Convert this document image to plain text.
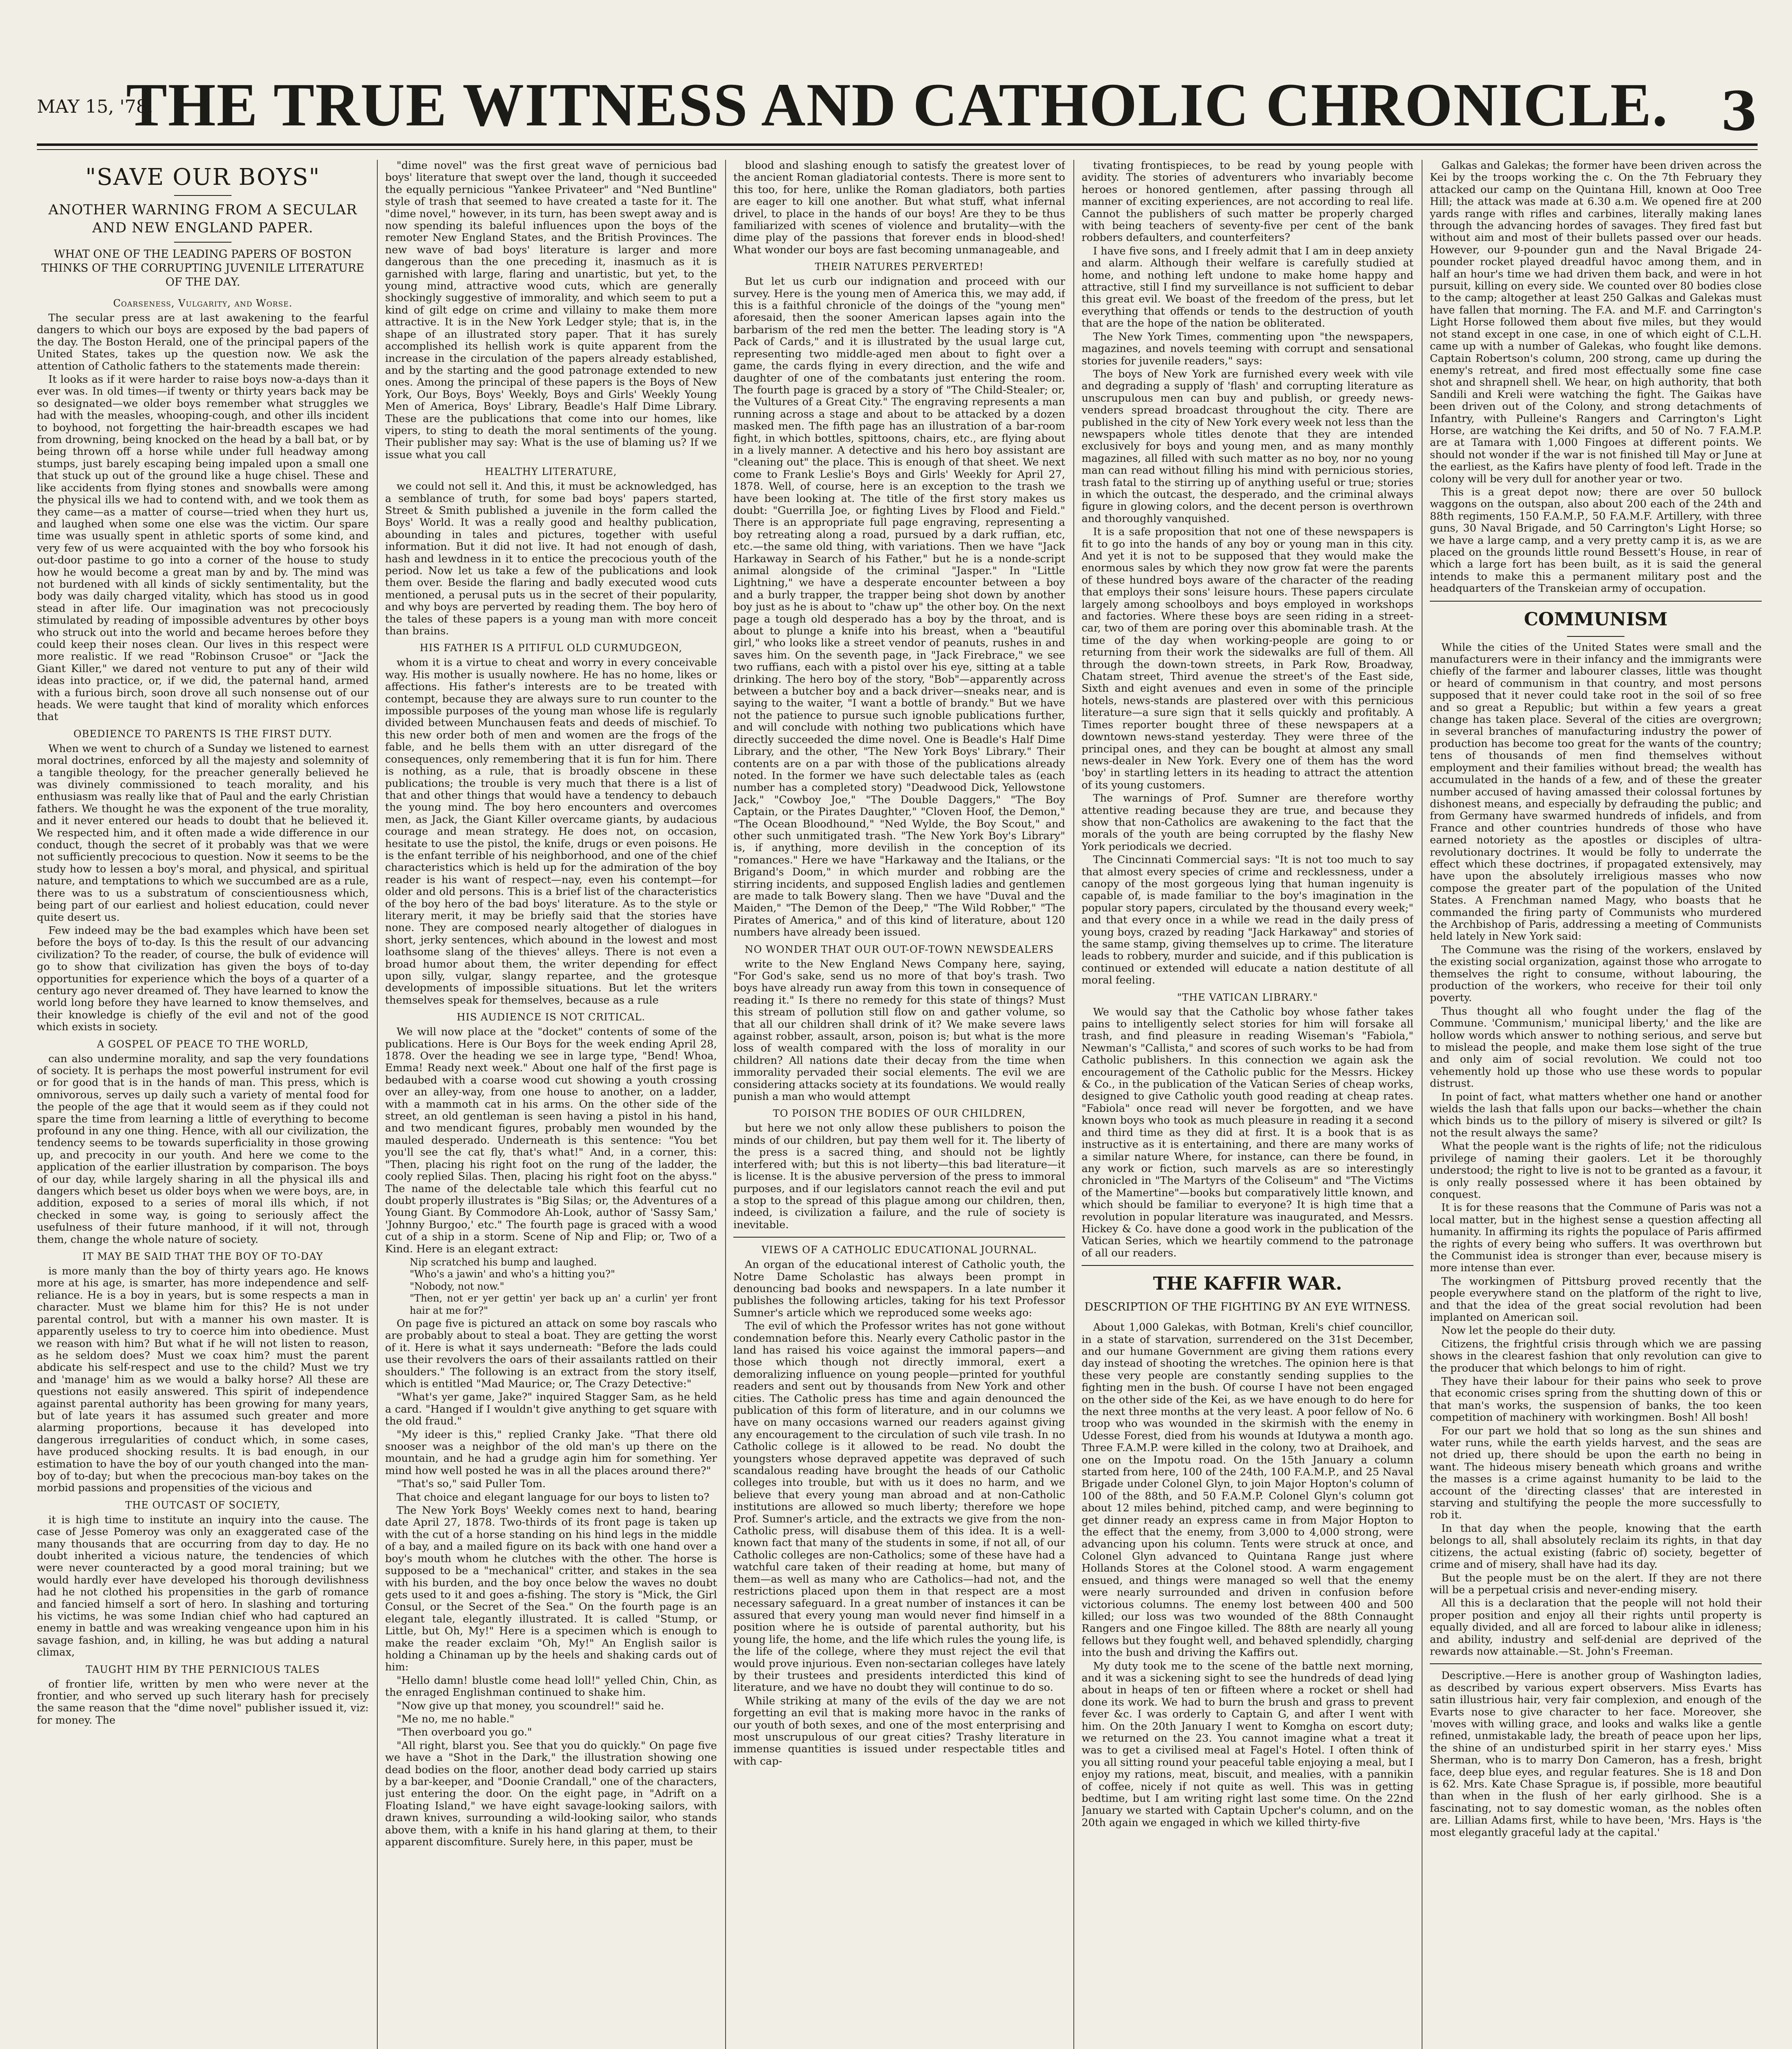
MAY 15, '78.
THE TRUE WITNESS AND CATHOLIC CHRONICLE. 3
"SAVE OUR BOYS"
ANOTHER WARNING FROM A SECULAR AND NEW ENGLAND PAPER.
WHAT ONE OF THE LEADING PAPERS OF BOSTON THINKS OF THE CORRUPTING JUVENILE LITERATURE OF THE DAY.
Coarseness, Vulgarity, and Worse.

The secular press are at last awakening to the fearful dangers to which our boys are exposed by the bad papers of the day. The Boston Herald, one of the principal papers of the United States, takes up the question now. We ask the attention of Catholic fathers to the statements made therein:

It looks as if it were harder to raise boys now-a-days than it ever was. In old times—if twenty or thirty years back may be so designated—we older boys remember what struggles we had with the measles, whooping-cough, and other ills incident to boyhood, not forgetting the hair-breadth escapes we had from drowning, being knocked on the head by a ball bat, or by being thrown off a horse while under full headway among stumps, just barely escaping being impaled upon a small one that stuck up out of the ground like a huge chisel. These and like accidents from flying stones and snowballs were among the physical ills we had to contend with, and we took them as they came—as a matter of course—tried when they hurt us, and laughed when some one else was the victim. Our spare time was usually spent in athletic sports of some kind, and very few of us were acquainted with the boy who forsook his out-door pastime to go into a corner of the house to study how he would become a great man by and by. The mind was not burdened with all kinds of sickly sentimentality, but the body was daily charged vitality, which has stood us in good stead in after life. Our imagination was not precociously stimulated by reading of impossible adventures by other boys who struck out into the world and became heroes before they could keep their noses clean. Our lives in this respect were more realistic. If we read "Robinson Crusoe" or "Jack the Giant Killer," we dared not venture to put any of their wild ideas into practice, or, if we did, the paternal hand, armed with a furious birch, soon drove all such nonsense out of our heads. We were taught that kind of morality which enforces that

OBEDIENCE TO PARENTS IS THE FIRST DUTY.

When we went to church of a Sunday we listened to earnest moral doctrines, enforced by all the majesty and solemnity of a tangible theology, for the preacher generally believed he was divinely commissioned to teach morality, and his enthusiasm was really like that of Paul and the early Christian fathers. We thought he was the exponent of the true morality, and it never entered our heads to doubt that he believed it. We respected him, and it often made a wide difference in our conduct, though the secret of it probably was that we were not sufficiently precocious to question. Now it seems to be the study how to lessen a boy's moral, and physical, and spiritual nature, and temptations to which we succumbed are as a rule, there was to us a substratum of conscientiousness which, being part of our earliest and holiest education, could never quite desert us.

Few indeed may be the bad examples which have been set before the boys of to-day. Is this the result of our advancing civilization? To the reader, of course, the bulk of evidence will go to show that civilization has given the boys of to-day opportunities for experience which the boys of a quarter of a century ago never dreamed of. They have learned to know the world long before they have learned to know themselves, and their knowledge is chiefly of the evil and not of the good which exists in society.

A GOSPEL OF PEACE TO THE WORLD,

can also undermine morality, and sap the very foundations of society. It is perhaps the most powerful instrument for evil or for good that is in the hands of man. This press, which is omnivorous, serves up daily such a variety of mental food for the people of the age that it would seem as if they could not spare the time from learning a little of everything to become profound in any one thing. Hence, with all our civilization, the tendency seems to be towards superficiality in those growing up, and precocity in our youth. And here we come to the application of the earlier illustration by comparison. The boys of our day, while largely sharing in all the physical ills and dangers which beset us older boys when we were boys, are, in addition, exposed to a series of moral ills which, if not checked in some way, is going to seriously affect the usefulness of their future manhood, if it will not, through them, change the whole nature of society.

IT MAY BE SAID THAT THE BOY OF TO-DAY

is more manly than the boy of thirty years ago. He knows more at his age, is smarter, has more independence and self-reliance. He is a boy in years, but is some respects a man in character. Must we blame him for this? He is not under parental control, but with a manner his own master. It is apparently useless to try to coerce him into obedience. Must we reason with him? But what if he will not listen to reason, as he seldom does? Must we coax him? must the parent abdicate his self-respect and use to the child? Must we try and 'manage' him as we would a balky horse? All these are questions not easily answered. This spirit of independence against parental authority has been growing for many years, but of late years it has assumed such greater and more alarming proportions, because it has developed into dangerous irregularities of conduct which, in some cases, have produced shocking results. It is bad enough, in our estimation to have the boy of our youth changed into the man-boy of to-day; but when the precocious man-boy takes on the morbid passions and propensities of the vicious and

THE OUTCAST OF SOCIETY,

it is high time to institute an inquiry into the cause. The case of Jesse Pomeroy was only an exaggerated case of the many thousands that are occurring from day to day. He no doubt inherited a vicious nature, the tendencies of which were never counteracted by a good moral training; but we would hardly ever have developed his thorough devilishness had he not clothed his propensities in the garb of romance and fancied himself a sort of hero. In slashing and torturing his victims, he was some Indian chief who had captured an enemy in battle and was wreaking vengeance upon him in his savage fashion, and, in killing, he was but adding a natural climax,

TAUGHT HIM BY THE PERNICIOUS TALES

of frontier life, written by men who were never at the frontier, and who served up such literary hash for precisely the same reason that the "dime novel" publisher issued it, viz: for money. The

"dime novel" was the first great wave of pernicious bad boys' literature that swept over the land, though it succeeded the equally pernicious "Yankee Privateer" and "Ned Buntline" style of trash that seemed to have created a taste for it. The "dime novel," however, in its turn, has been swept away and is now spending its baleful influences upon the boys of the remoter New England States, and the British Provinces. The new wave of bad boys' literature is larger and more dangerous than the one preceding it, inasmuch as it is garnished with large, flaring and unartistic, but yet, to the young mind, attractive wood cuts, which are generally shockingly suggestive of immorality, and which seem to put a kind of gilt edge on crime and villainy to make them more attractive. It is in the New York Ledger style; that is, in the shape of an illustrated story paper. That it has surely accomplished its hellish work is quite apparent from the increase in the circulation of the papers already established, and by the starting and the good patronage extended to new ones. Among the principal of these papers is the Boys of New York, Our Boys, Boys' Weekly, Boys and Girls' Weekly Young Men of America, Boys' Library, Beadle's Half Dime Library. These are the publications that come into our homes, like vipers, to sting to death the moral sentiments of the young. Their publisher may say: What is the use of blaming us? If we issue what you call

HEALTHY LITERATURE,

we could not sell it. And this, it must be acknowledged, has a semblance of truth, for some bad boys' papers started, Street & Smith published a juvenile in the form called the Boys' World. It was a really good and healthy publication, abounding in tales and pictures, together with useful information. But it did not live. It had not enough of dash, hash and lewdness in it to entice the precocious youth of the period. Now let us take a few of the publications and look them over. Beside the flaring and badly executed wood cuts mentioned, a perusal puts us in the secret of their popularity, and why boys are perverted by reading them. The boy hero of the tales of these papers is a young man with more conceit than brains.

HIS FATHER IS A PITIFUL OLD CURMUDGEON,

whom it is a virtue to cheat and worry in every conceivable way. His mother is usually nowhere. He has no home, likes or affections. His father's interests are to be treated with contempt, because they are always sure to run counter to the impossible purposes of the young man whose life is regularly divided between Munchausen feats and deeds of mischief. To this new order both of men and women are the frogs of the fable, and he bells them with an utter disregard of the consequences, only remembering that it is fun for him. There is nothing, as a rule, that is broadly obscene in these publications; the trouble is very much that there is a list of that and other things that would have a tendency to debauch the young mind. The boy hero encounters and overcomes men, as Jack, the Giant Killer overcame giants, by audacious courage and mean strategy. He does not, on occasion, hesitate to use the pistol, the knife, drugs or even poisons. He is the enfant terrible of his neighborhood, and one of the chief characteristics which is held up for the admiration of the boy reader is his want of respect—nay, even his contempt—for older and old persons. This is a brief list of the characteristics of the boy hero of the bad boys' literature. As to the style or literary merit, it may be briefly said that the stories have none. They are composed nearly altogether of dialogues in short, jerky sentences, which abound in the lowest and most loathsome slang of the thieves' alleys. There is not even a broad humor about them, the writer depending for effect upon silly, vulgar, slangy repartee, and the grotesque developments of impossible situations. But let the writers themselves speak for themselves, because as a rule

HIS AUDIENCE IS NOT CRITICAL.

We will now place at the "docket" contents of some of the publications. Here is Our Boys for the week ending April 28, 1878. Over the heading we see in large type, "Bend! Whoa, Emma! Ready next week." About one half of the first page is bedaubed with a coarse wood cut showing a youth crossing over an alley-way, from one house to another, on a ladder, with a mammoth cat in his arms. On the other side of the street, an old gentleman is seen having a pistol in his hand, and two mendicant figures, probably men wounded by the mauled desperado. Underneath is this sentence: "You bet you'll see the cat fly, that's what!" And, in a corner, this: "Then, placing his right foot on the rung of the ladder, the cooly replied Silas. Then, placing his right foot on the abyss." The name of the delectable tale which this fearful cut no doubt properly illustrates is "Big Silas; or, the Adventures of a Young Giant. By Commodore Ah-Look, author of 'Sassy Sam,' 'Johnny Burgoo,' etc." The fourth page is graced with a wood cut of a ship in a storm. Scene of Nip and Flip; or, Two of a Kind. Here is an elegant extract:

Nip scratched his bump and laughed.
"Who's a jawin' and who's a hitting you?"
"Nobody, not now."
"Then, not er yer gettin' yer back up an' a curlin' yer front hair at me for?"

On page five is pictured an attack on some boy rascals who are probably about to steal a boat. They are getting the worst of it. Here is what it says underneath: "Before the lads could use their revolvers the oars of their assailants rattled on their shoulders." The following is an extract from the story itself, which is entitled "Mad Maurice; or, The Crazy Detective:"

"What's yer game, Jake?" inquired Stagger Sam, as he held a card. "Hanged if I wouldn't give anything to get square with the old fraud."

"My ideer is this," replied Cranky Jake. "That there old snooser was a neighbor of the old man's up there on the mountain, and he had a grudge agin him for something. Yer mind how well posted he was in all the places around there?"

"That's so," said Puller Tom.

That choice and elegant language for our boys to listen to?

The New York Boys' Weekly comes next to hand, bearing date April 27, 1878. Two-thirds of its front page is taken up with the cut of a horse standing on his hind legs in the middle of a bay, and a mailed figure on its back with one hand over a boy's mouth whom he clutches with the other. The horse is supposed to be a "mechanical" critter, and stakes in the sea with his burden, and the boy once below the waves no doubt gets used to it and goes a-fishing. The story is "Mick, the Girl Consul, or the Secret of the Sea." On the fourth page is an elegant tale, elegantly illustrated. It is called "Stump, or Little, but Oh, My!" Here is a specimen which is enough to make the reader exclaim "Oh, My!" An English sailor is holding a Chinaman up by the heels and shaking cards out of him:

"Hello damn! blustle come head loll!" yelled Chin, Chin, as the enraged Englishman continued to shake him.

"Now give up that money, you scoundrel!" said he.

"Me no, me no hable."

"Then overboard you go."

"All right, blarst you. See that you do quickly." On page five we have a "Shot in the Dark," the illustration showing one dead bodies on the floor, another dead body carried up stairs by a bar-keeper, and "Doonie Crandall," one of the characters, just entering the door. On the eight page, in "Adrift on a Floating Island," we have eight savage-looking sailors, with drawn knives, surrounding a wild-looking sailor, who stands above them, with a knife in his hand glaring at them, to their apparent discomfiture. Surely here, in this paper, must be

blood and slashing enough to satisfy the greatest lover of the ancient Roman gladiatorial contests. There is more sent to this too, for here, unlike the Roman gladiators, both parties are eager to kill one another. But what stuff, what infernal drivel, to place in the hands of our boys! Are they to be thus familiarized with scenes of violence and brutality—with the dime play of the passions that forever ends in blood-shed! What wonder our boys are fast becoming unmanageable, and

THEIR NATURES PERVERTED!

But let us curb our indignation and proceed with our survey. Here is the young men of America this, we may add, if this is a faithful chronicle of the doings of the "young men" aforesaid, then the sooner American lapses again into the barbarism of the red men the better. The leading story is "A Pack of Cards," and it is illustrated by the usual large cut, representing two middle-aged men about to fight over a game, the cards flying in every direction, and the wife and daughter of one of the combatants just entering the room. The fourth page is graced by a story of "The Child-Stealer; or, the Vultures of a Great City." The engraving represents a man running across a stage and about to be attacked by a dozen masked men. The fifth page has an illustration of a bar-room fight, in which bottles, spittoons, chairs, etc., are flying about in a lively manner. A detective and his hero boy assistant are "cleaning out" the place. This is enough of that sheet. We next come to Frank Leslie's Boys and Girls' Weekly for April 27, 1878. Well, of course, here is an exception to the trash we have been looking at. The title of the first story makes us doubt: "Guerrilla Joe, or fighting Lives by Flood and Field." There is an appropriate full page engraving, representing a boy retreating along a road, pursued by a dark ruffian, etc, etc.—the same old thing, with variations. Then we have "Jack Harkaway in Search of his Father," but he is a nonde-script animal alongside of the criminal "Jasper." In "Little Lightning," we have a desperate encounter between a boy and a burly trapper, the trapper being shot down by another boy just as he is about to "chaw up" the other boy. On the next page a tough old desperado has a boy by the throat, and is about to plunge a knife into his breast, when a "beautiful girl," who looks like a street vendor of peanuts, rushes in and saves him. On the seventh page, in "Jack Firebrace," we see two ruffians, each with a pistol over his eye, sitting at a table drinking. The hero boy of the story, "Bob"—apparently across between a butcher boy and a back driver—sneaks near, and is saying to the waiter, "I want a bottle of brandy." But we have not the patience to pursue such ignoble publications further, and will conclude with nothing two publications which have directly succeeded the dime novel. One is Beadle's Half Dime Library, and the other, "The New York Boys' Library." Their contents are on a par with those of the publications already noted. In the former we have such delectable tales as (each number has a completed story) "Deadwood Dick, Yellowstone Jack," "Cowboy Joe," "The Double Daggers," "The Boy Captain, or the Pirates Daughter," "Cloven Hoof, the Demon," "The Ocean Bloodhound," "Ned Wylde, the Boy Scout," and other such unmitigated trash. "The New York Boy's Library" is, if anything, more devilish in the conception of its "romances." Here we have "Harkaway and the Italians, or the Brigand's Doom," in which murder and robbing are the stirring incidents, and supposed English ladies and gentlemen are made to talk Bowery slang. Then we have "Duval and the Maiden," "The Demon of the Deep," "The Wild Robber," "The Pirates of America," and of this kind of literature, about 120 numbers have already been issued.

NO WONDER THAT OUR OUT-OF-TOWN NEWSDEALERS

write to the New England News Company here, saying, "For God's sake, send us no more of that boy's trash. Two boys have already run away from this town in consequence of reading it." Is there no remedy for this state of things? Must this stream of pollution still flow on and gather volume, so that all our children shall drink of it? We make severe laws against robber, assault, arson, poison is; but what is the more loss of wealth compared with the loss of morality in our children? All nations date their decay from the time when immorality pervaded their social elements. The evil we are considering attacks society at its foundations. We would really punish a man who would attempt

TO POISON THE BODIES OF OUR CHILDREN,

but here we not only allow these publishers to poison the minds of our children, but pay them well for it. The liberty of the press is a sacred thing, and should not be lightly interfered with; but this is not liberty—this bad literature—it is license. It is the abusive perversion of the press to immoral purposes, and if our legislators cannot reach the evil and put a stop to the spread of this plague among our children, then, indeed, is civilization a failure, and the rule of society is inevitable.

VIEWS OF A CATHOLIC EDUCATIONAL JOURNAL.

An organ of the educational interest of Catholic youth, the Notre Dame Scholastic has always been prompt in denouncing bad books and newspapers. In a late number it publishes the following articles, taking for his text Professor Sumner's article which we reproduced some weeks ago:

The evil of which the Professor writes has not gone without condemnation before this. Nearly every Catholic pastor in the land has raised his voice against the immoral papers—and those which though not directly immoral, exert a demoralizing influence on young people—printed for youthful readers and sent out by thousands from New York and other cities. The Catholic press has time and again denounced the publication of this form of literature, and in our columns we have on many occasions warned our readers against giving any encouragement to the circulation of such vile trash. In no Catholic college is it allowed to be read. No doubt the youngsters whose depraved appetite was depraved of such scandalous reading have brought the heads of our Catholic colleges into trouble, but with us it does no harm, and we believe that every young man abroad and at non-Catholic institutions are allowed so much liberty; therefore we hope Prof. Sumner's article, and the extracts we give from the non-Catholic press, will disabuse them of this idea. It is a well-known fact that many of the students in some, if not all, of our Catholic colleges are non-Catholics; some of these have had a watchful care taken of their reading at home, but many of them—as well as many who are Catholics—had not, and the restrictions placed upon them in that respect are a most necessary safeguard. In a great number of instances it can be assured that every young man would never find himself in a position where he is outside of parental authority, but his young life, the home, and the life which rules the young life, is the life of the college, where they must reject the evil that would prove injurious. Even non-sectarian colleges have lately by their trustees and presidents interdicted this kind of literature, and we have no doubt they will continue to do so.

While striking at many of the evils of the day we are not forgetting an evil that is making more havoc in the ranks of our youth of both sexes, and one of the most enterprising and most unscrupulous of our great cities? Trashy literature in immense quantities is issued under respectable titles and with cap-

tivating frontispieces, to be read by young people with avidity. The stories of adventurers who invariably become heroes or honored gentlemen, after passing through all manner of exciting experiences, are not according to real life. Cannot the publishers of such matter be properly charged with being teachers of seventy-five per cent of the bank robbers defaulters, and counterfeiters?

I have five sons, and I freely admit that I am in deep anxiety and alarm. Although their welfare is carefully studied at home, and nothing left undone to make home happy and attractive, still I find my surveillance is not sufficient to debar this great evil. We boast of the freedom of the press, but let everything that offends or tends to the destruction of youth that are the hope of the nation be obliterated.

The New York Times, commenting upon "the newspapers, magazines, and novels teeming with corrupt and sensational stories for juvenile readers," says:

The boys of New York are furnished every week with vile and degrading a supply of 'flash' and corrupting literature as unscrupulous men can buy and publish, or greedy news-venders spread broadcast throughout the city. There are published in the city of New York every week not less than the newspapers whole titles denote that they are intended exclusively for boys and young men, and as many monthly magazines, all filled with such matter as no boy, nor no young man can read without filling his mind with pernicious stories, trash fatal to the stirring up of anything useful or true; stories in which the outcast, the desperado, and the criminal always figure in glowing colors, and the decent person is overthrown and thoroughly vanquished.

It is a safe proposition that not one of these newspapers is fit to go into the hands of any boy or young man in this city. And yet it is not to be supposed that they would make the enormous sales by which they now grow fat were the parents of these hundred boys aware of the character of the reading that employs their sons' leisure hours. These papers circulate largely among schoolboys and boys employed in workshops and factories. Where these boys are seen riding in a street-car, two of them are poring over this abominable trash. At the time of the day when working-people are going to or returning from their work the sidewalks are full of them. All through the down-town streets, in Park Row, Broadway, Chatam street, Third avenue the street's of the East side, Sixth and eight avenues and even in some of the principle hotels, news-stands are plastered over with this pernicious literature—a sure sign that it sells quickly and profitably. A Times reporter bought three of these newspapers at a downtown news-stand yesterday. They were three of the principal ones, and they can be bought at almost any small news-dealer in New York. Every one of them has the word 'boy' in startling letters in its heading to attract the attention of its young customers.

The warnings of Prof. Sumner are therefore worthy attentive reading because they are true, and because they show that non-Catholics are awakening to the fact that the morals of the youth are being corrupted by the flashy New York periodicals we decried.

The Cincinnati Commercial says: "It is not too much to say that almost every species of crime and recklessness, under a canopy of the most gorgeous lying that human ingenuity is capable of, is made familiar to the boy's imagination in the popular story papers, circulated by the thousand every week;" and that every once in a while we read in the daily press of young boys, crazed by reading "Jack Harkaway" and stories of the same stamp, giving themselves up to crime. The literature leads to robbery, murder and suicide, and if this publication is continued or extended will educate a nation destitute of all moral feeling.

"THE VATICAN LIBRARY."

We would say that the Catholic boy whose father takes pains to intelligently select stories for him will forsake all trash, and find pleasure in reading Wiseman's "Fabiola," Newman's "Callista," and scores of such works to be had from Catholic publishers. In this connection we again ask the encouragement of the Catholic public for the Messrs. Hickey & Co., in the publication of the Vatican Series of cheap works, designed to give Catholic youth good reading at cheap rates. "Fabiola" once read will never be forgotten, and we have known boys who took as much pleasure in reading it a second and third time as they did at first. It is a book that is as instructive as it is entertaining, and there are many works of a similar nature Where, for instance, can there be found, in any work or fiction, such marvels as are so interestingly chronicled in "The Martyrs of the Coliseum" and "The Victims of the Mamertine"—books but comparatively little known, and which should be familiar to everyone? It is high time that a revolution in popular literature was inaugurated, and Messrs. Hickey & Co. have done a good work in the publication of the Vatican Series, which we heartily commend to the patronage of all our readers.

THE KAFFIR WAR.
DESCRIPTION OF THE FIGHTING BY AN EYE WITNESS.

About 1,000 Galekas, with Botman, Kreli's chief councillor, in a state of starvation, surrendered on the 31st December, and our humane Government are giving them rations every day instead of shooting the wretches. The opinion here is that these very people are constantly sending supplies to the fighting men in the bush. Of course I have not been engaged on the other side of the Kei, as we have enough to do here for the next three months at the very least. A poor fellow of No. 6 troop who was wounded in the skirmish with the enemy in Udesse Forest, died from his wounds at Idutywa a month ago. Three F.A.M.P. were killed in the colony, two at Draihoek, and one on the Impotu road. On the 15th January a column started from here, 100 of the 24th, 100 F.A.M.P., and 25 Naval Brigade under Colonel Glyn, to join Major Hopton's column of 100 of the 88th, and 50 F.A.M.P. Colonel Glyn's column got about 12 miles behind, pitched camp, and were beginning to get dinner ready an express came in from Major Hopton to the effect that the enemy, from 3,000 to 4,000 strong, were advancing upon his column. Tents were struck at once, and Colonel Glyn advanced to Quintana Range just where Hollands Stores at the Colonel stood. A warm engagement ensued, and things were managed so well that the enemy were nearly surrounded and driven in confusion before victorious columns. The enemy lost between 400 and 500 killed; our loss was two wounded of the 88th Connaught Rangers and one Fingoe killed. The 88th are nearly all young fellows but they fought well, and behaved splendidly, charging into the bush and driving the Kaffirs out.

My duty took me to the scene of the battle next morning, and it was a sickening sight to see the hundreds of dead lying about in heaps of ten or fifteen where a rocket or shell had done its work. We had to burn the brush and grass to prevent fever &c. I was orderly to Captain G, and after I went with him. On the 20th January I went to Komgha on escort duty; we returned on the 23. You cannot imagine what a treat it was to get a civilised meal at Fagel's Hotel. I often think of you all sitting round your peaceful table enjoying a meal, but I enjoy my rations, meat, biscuit, and mealies, with a pannikin of coffee, nicely if not quite as well. This was in getting bedtime, but I am writing right last some time. On the 22nd January we started with Captain Upcher's column, and on the 20th again we engaged in which we killed thirty-five

Galkas and Galekas; the former have been driven across the Kei by the troops working the c. On the 7th February they attacked our camp on the Quintana Hill, known at Ooo Tree Hill; the attack was made at 6.30 a.m. We opened fire at 200 yards range with rifles and carbines, literally making lanes through the advancing hordes of savages. They fired fast but without aim and most of their bullets passed over our heads. However, our 9-pounder gun and the Naval Brigade 24-pounder rocket played dreadful havoc among them, and in half an hour's time we had driven them back, and were in hot pursuit, killing on every side. We counted over 80 bodies close to the camp; altogether at least 250 Galkas and Galekas must have fallen that morning. The F.A. and M.F. and Carrington's Light Horse followed them about five miles, but they would not stand except in one case, in one of which eight of C.L.H. came up with a number of Galekas, who fought like demons. Captain Robertson's column, 200 strong, came up during the enemy's retreat, and fired most effectually some fine case shot and shrapnell shell. We hear, on high authority, that both Sandili and Kreli were watching the fight. The Gaikas have been driven out of the Colony, and strong detachments of Infantry, with Pulleine's Rangers and Carrington's Light Horse, are watching the Kei drifts, and 50 of No. 7 F.A.M.P. are at Tamara with 1,000 Fingoes at different points. We should not wonder if the war is not finished till May or June at the earliest, as the Kafirs have plenty of food left. Trade in the colony will be very dull for another year or two.

This is a great depot now; there are over 50 bullock waggons on the outspan, also about 200 each of the 24th and 88th regiments, 150 F.A.M.P., 50 F.A.M.F. Artillery, with three guns, 30 Naval Brigade, and 50 Carrington's Light Horse; so we have a large camp, and a very pretty camp it is, as we are placed on the grounds little round Bessett's House, in rear of which a large fort has been built, as it is said the general intends to make this a permanent military post and the headquarters of the Transkeian army of occupation.

COMMUNISM

While the cities of the United States were small and the manufacturers were in their infancy and the immigrants were chiefly of the farmer and labourer classes, little was thought or heard of communism in that country, and most persons supposed that it never could take root in the soil of so free and so great a Republic; but within a few years a great change has taken place. Several of the cities are overgrown; in several branches of manufacturing industry the power of production has become too great for the wants of the country; tens of thousands of men find themselves without employment and their families without bread; the wealth has accumulated in the hands of a few, and of these the greater number accused of having amassed their colossal fortunes by dishonest means, and especially by defrauding the public; and from Germany have swarmed hundreds of infidels, and from France and other countries hundreds of those who have earned notoriety as the apostles or disciples of ultra-revolutionary doctrines. It would be folly to underrate the effect which these doctrines, if propagated extensively, may have upon the absolutely irreligious masses who now compose the greater part of the population of the United States. A Frenchman named Magy, who boasts that he commanded the firing party of Communists who murdered the Archbishop of Paris, addressing a meeting of Communists held lately in New York said:

The Commune was the rising of the workers, enslaved by the existing social organization, against those who arrogate to themselves the right to consume, without labouring, the production of the workers, who receive for their toil only poverty.

Thus thought all who fought under the flag of the Commune. 'Communism,' municipal liberty,' and the like are hollow words which answer to nothing serious, and serve but to mislead the people, and make them lose sight of the true and only aim of social revolution. We could not too vehemently hold up those who use these words to popular distrust.

In point of fact, what matters whether one hand or another wields the lash that falls upon our backs—whether the chain which binds us to the pillory of misery is silvered or gilt? Is not the result always the same?

What the people want is the rights of life; not the ridiculous privilege of naming their gaolers. Let it be thoroughly understood; the right to live is not to be granted as a favour, it is only really possessed where it has been obtained by conquest.

It is for these reasons that the Commune of Paris was not a local matter, but in the highest sense a question affecting all humanity. In affirming its rights the populace of Paris affirmed the rights of every being who suffers. It was overthrown but the Communist idea is stronger than ever, because misery is more intense than ever.

The workingmen of Pittsburg proved recently that the people everywhere stand on the platform of the right to live, and that the idea of the great social revolution had been implanted on American soil.

Now let the people do their duty.

Citizens, the frightful crisis through which we are passing shows in the clearest fashion that only revolution can give to the producer that which belongs to him of right.

They have their labour for their pains who seek to prove that economic crises spring from the shutting down of this or that man's works, the suspension of banks, the too keen competition of machinery with workingmen. Bosh! All bosh!

For our part we hold that so long as the sun shines and water runs, while the earth yields harvest, and the seas are not dried up, there should be upon the earth no being in want. The hideous misery beneath which groans and writhe the masses is a crime against humanity to be laid to the account of the 'directing classes' that are interested in starving and stultifying the people the more successfully to rob it.

In that day when the people, knowing that the earth belongs to all, shall absolutely reclaim its rights, in that day citizens, the actual existing (fabric of) society, begetter of crime and of misery, shall have had its day.

But the people must be on the alert. If they are not there will be a perpetual crisis and never-ending misery.

All this is a declaration that the people will not hold their proper position and enjoy all their rights until property is equally divided, and all are forced to labour alike in idleness; and ability, industry and self-denial are deprived of the rewards now attainable.—St. John's Freeman.

Descriptive.—Here is another group of Washington ladies, as described by various expert observers. Miss Evarts has satin illustrious hair, very fair complexion, and enough of the Evarts nose to give character to her face. Moreover, she 'moves with willing grace, and looks and walks like a gentle refined, unmistakable lady, the breath of peace upon her lips, the shine of an undisturbed spirit in her starry eyes.' Miss Sherman, who is to marry Don Cameron, has a fresh, bright face, deep blue eyes, and regular features. She is 18 and Don is 62. Mrs. Kate Chase Sprague is, if possible, more beautiful than when in the flush of her early girlhood. She is a fascinating, not to say domestic woman, as the nobles often are. Lillian Adams first, while to have been, 'Mrs. Hays is 'the most elegantly graceful lady at the capital.'
